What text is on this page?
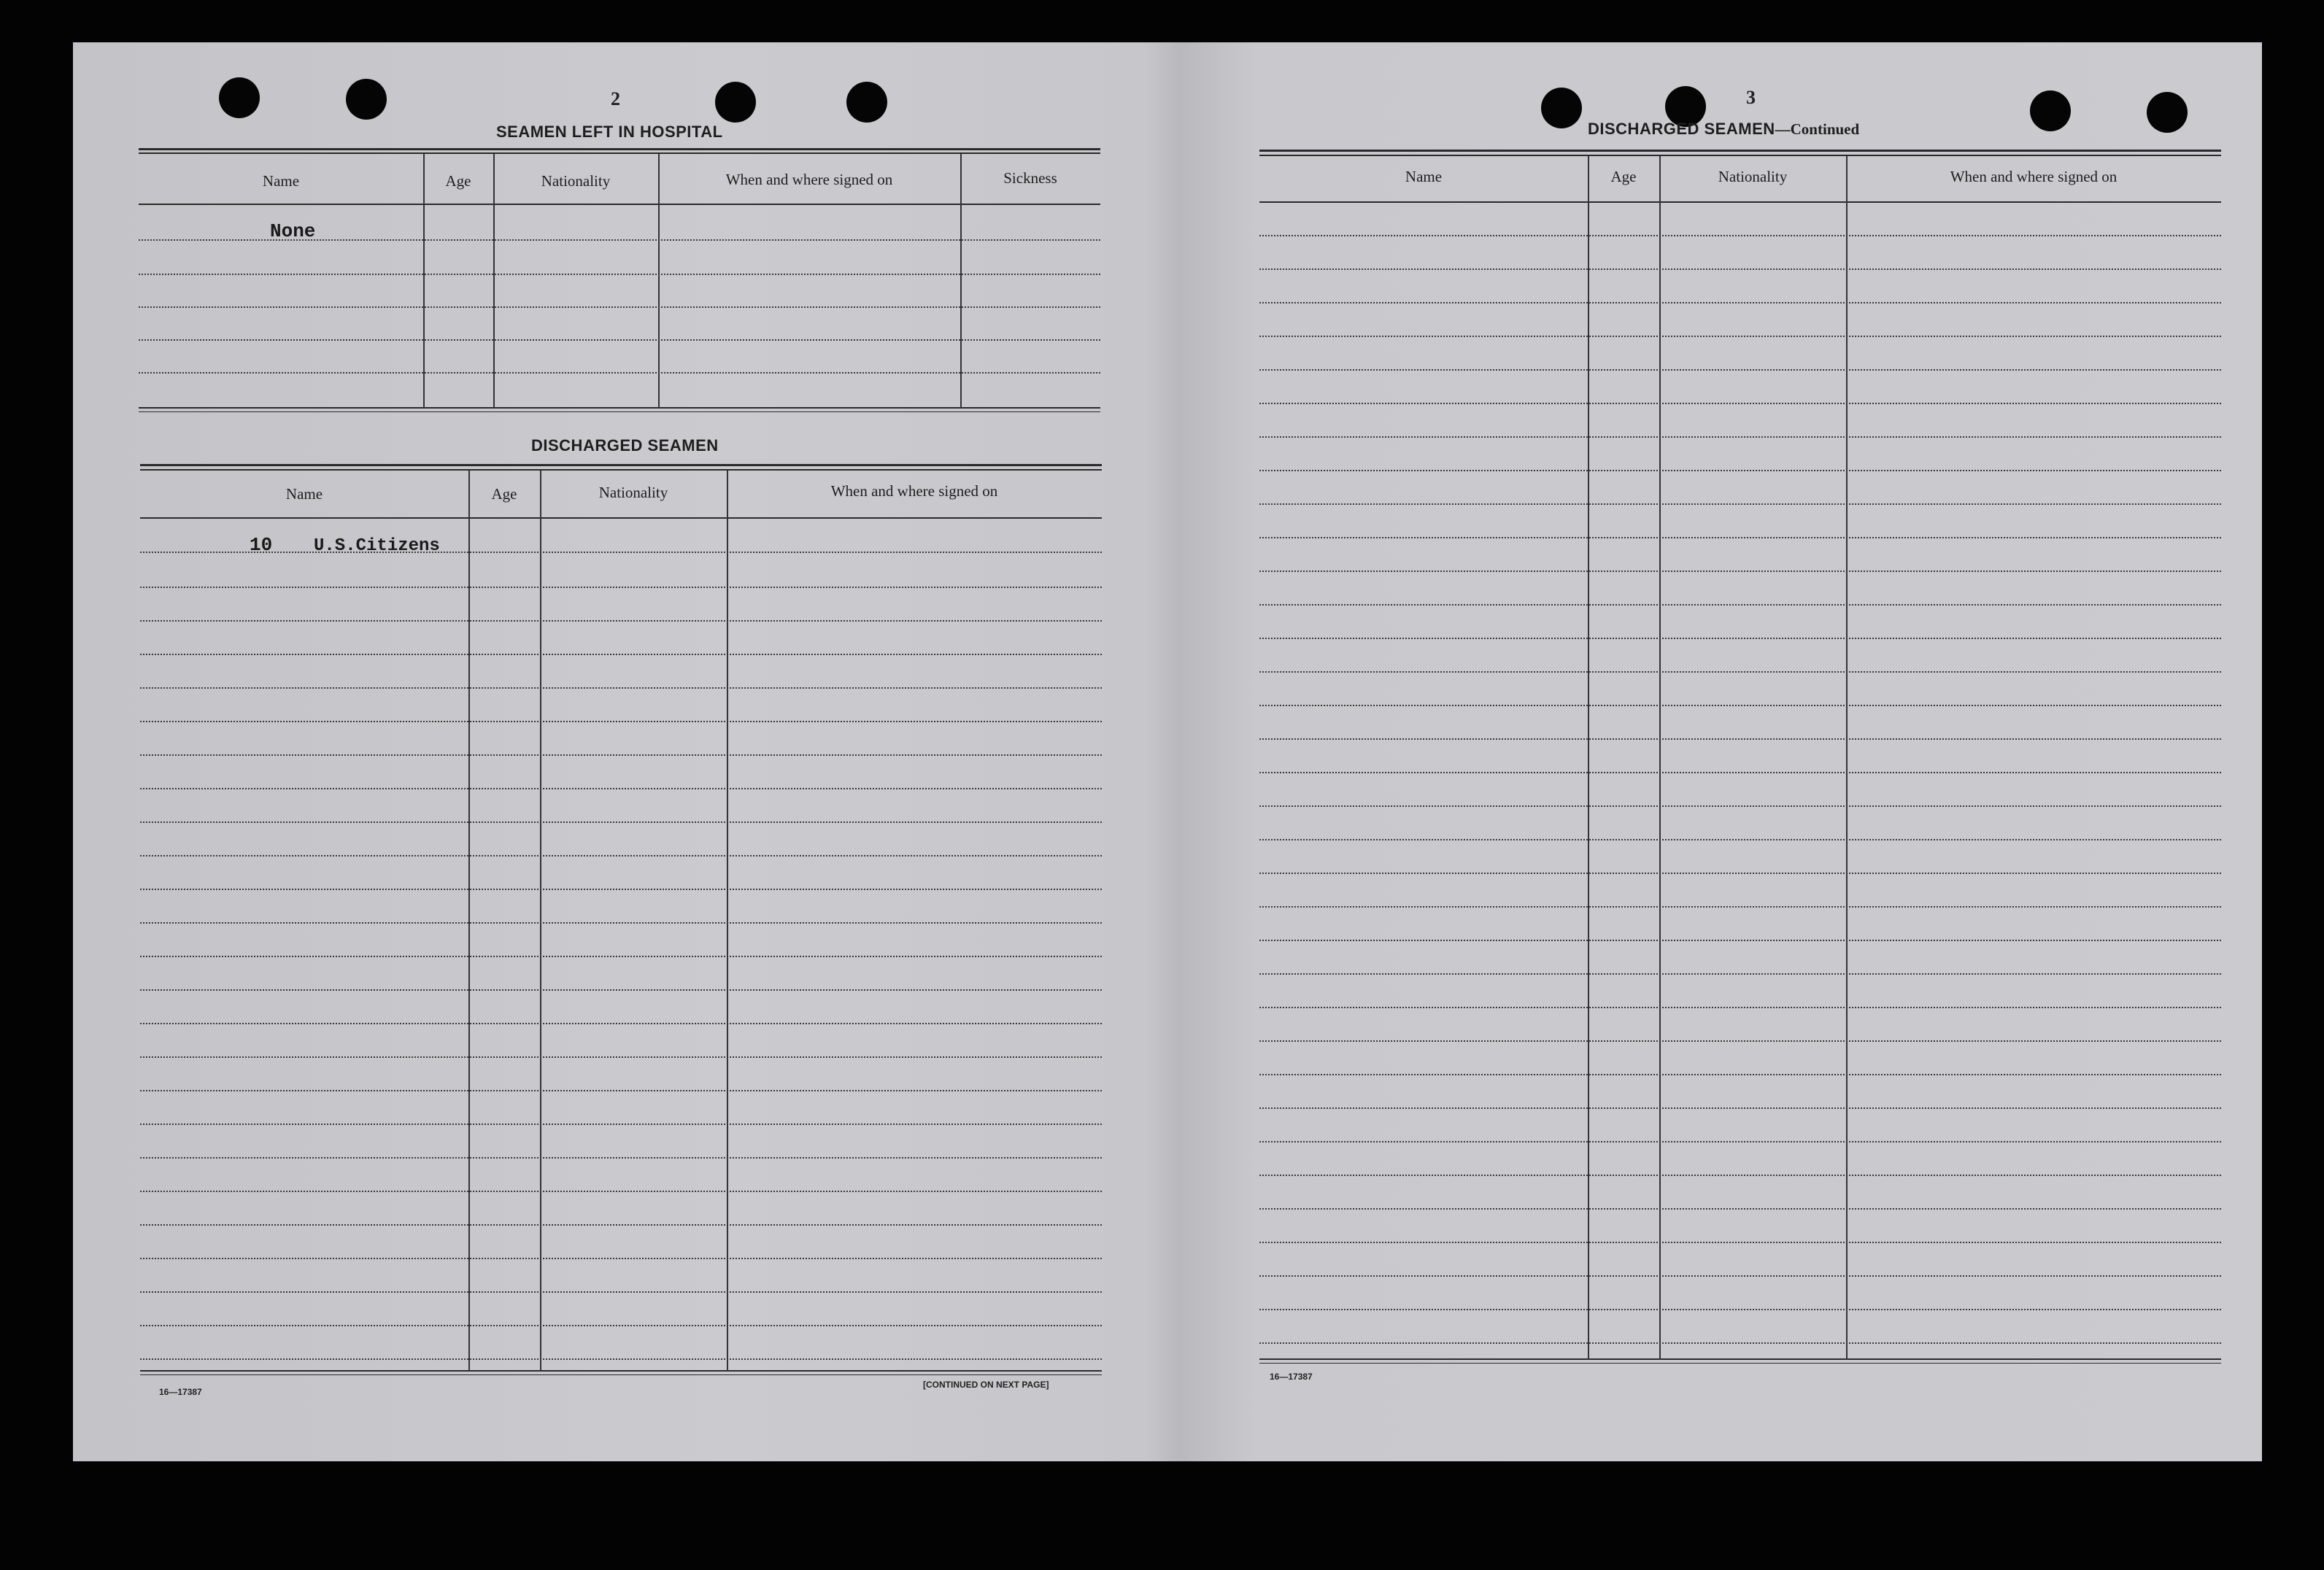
2
SEAMEN LEFT IN HOSPITAL
Name	Age	Nationality	When and where signed on	Sickness
None
DISCHARGED SEAMEN
Name	Age	Nationality	When and where signed on
10 U.S.Citizens
16—17387
[CONTINUED ON NEXT PAGE]
3
DISCHARGED SEAMEN—Continued
Name	Age	Nationality	When and where signed on
16—17387
